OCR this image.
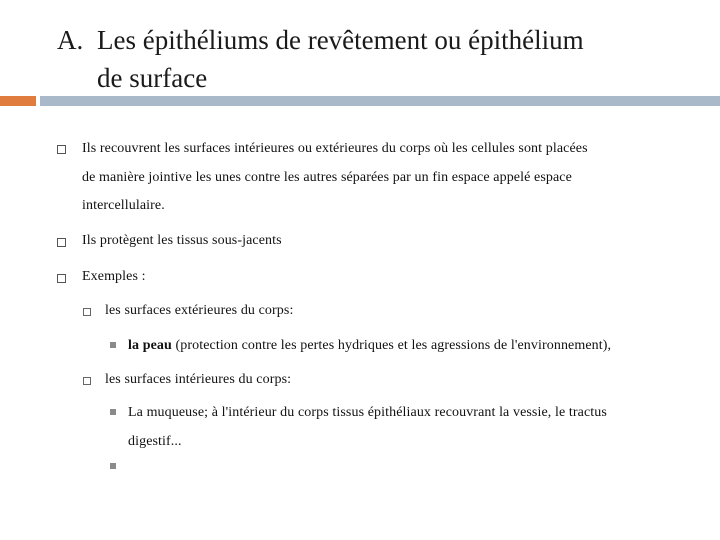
A. Les épithéliums de revêtement ou épithélium
de surface
Ils recouvrent les surfaces intérieures ou extérieures du corps où les cellules sont placées
de manière jointive les unes contre les autres séparées par un fin espace appelé espace
intercellulaire.
Ils protègent les tissus sous-jacents
Exemples :
les surfaces extérieures du corps:
la peau (protection contre les pertes hydriques et les agressions de l'environnement),
les surfaces intérieures du corps:
La muqueuse; à l'intérieur du corps tissus épithéliaux recouvrant la vessie, le tractus
digestif...
